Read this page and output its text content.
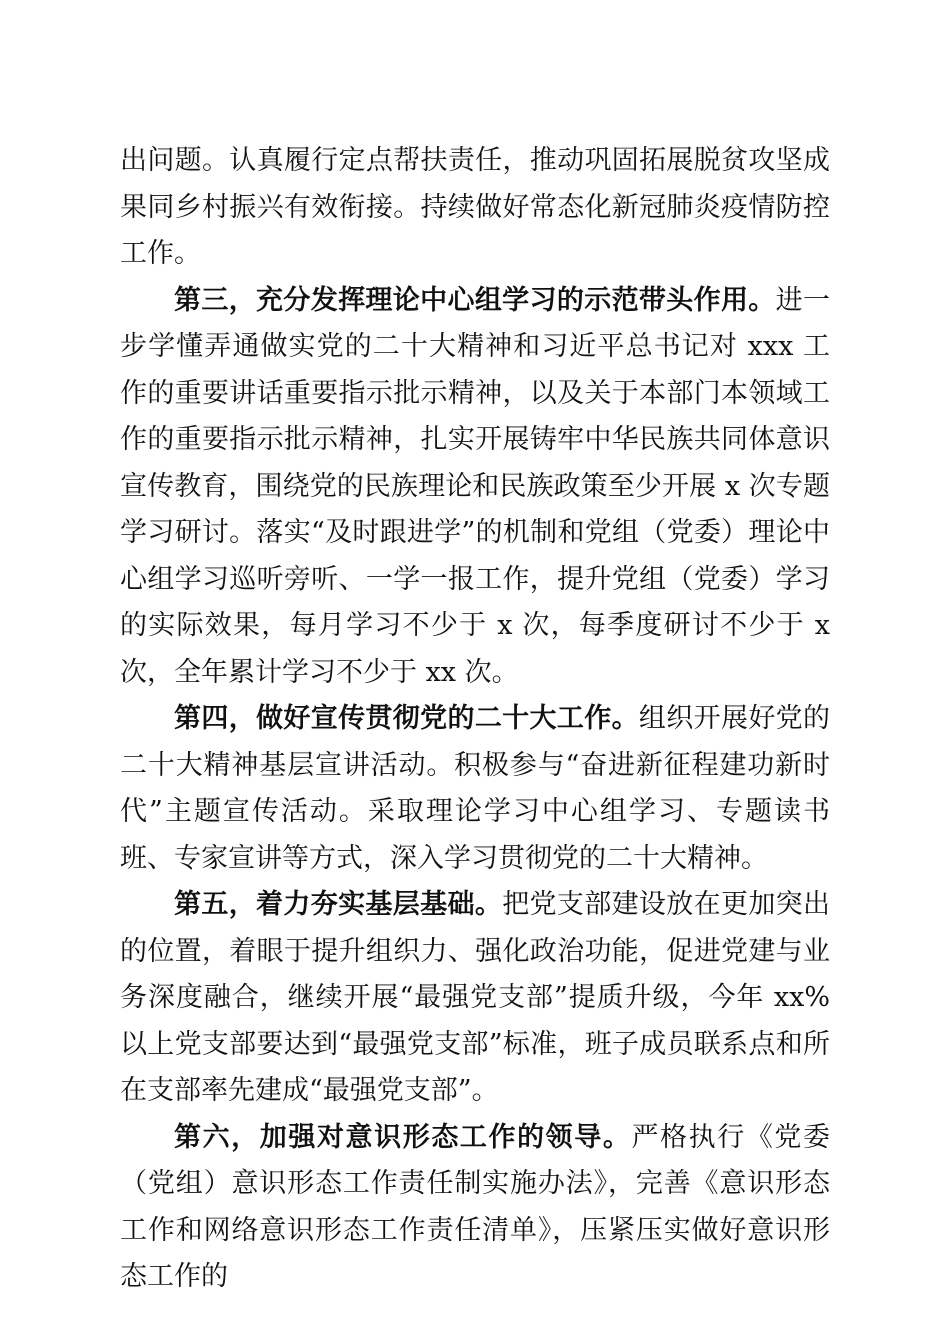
出问题。认真履行定点帮扶责任，推动巩固拓展脱贫攻坚成果同乡村振兴有效衔接。持续做好常态化新冠肺炎疫情防控工作。

第三，充分发挥理论中心组学习的示范带头作用。进一步学懂弄通做实党的二十大精神和习近平总书记对 xxx 工作的重要讲话重要指示批示精神，以及关于本部门本领域工作的重要指示批示精神，扎实开展铸牢中华民族共同体意识宣传教育，围绕党的民族理论和民族政策至少开展 x 次专题学习研讨。落实“及时跟进学”的机制和党组（党委）理论中心组学习巡听旁听、一学一报工作，提升党组（党委）学习的实际效果，每月学习不少于 x 次，每季度研讨不少于 x 次，全年累计学习不少于 xx 次。

第四，做好宣传贯彻党的二十大工作。组织开展好党的二十大精神基层宣讲活动。积极参与“奋进新征程建功新时代”主题宣传活动。采取理论学习中心组学习、专题读书班、专家宣讲等方式，深入学习贯彻党的二十大精神。

第五，着力夯实基层基础。把党支部建设放在更加突出的位置，着眼于提升组织力、强化政治功能，促进党建与业务深度融合，继续开展“最强党支部”提质升级，今年 xx%以上党支部要达到“最强党支部”标准，班子成员联系点和所在支部率先建成“最强党支部”。

第六，加强对意识形态工作的领导。严格执行《党委（党组）意识形态工作责任制实施办法》，完善《意识形态工作和网络意识形态工作责任清单》，压紧压实做好意识形态工作的
